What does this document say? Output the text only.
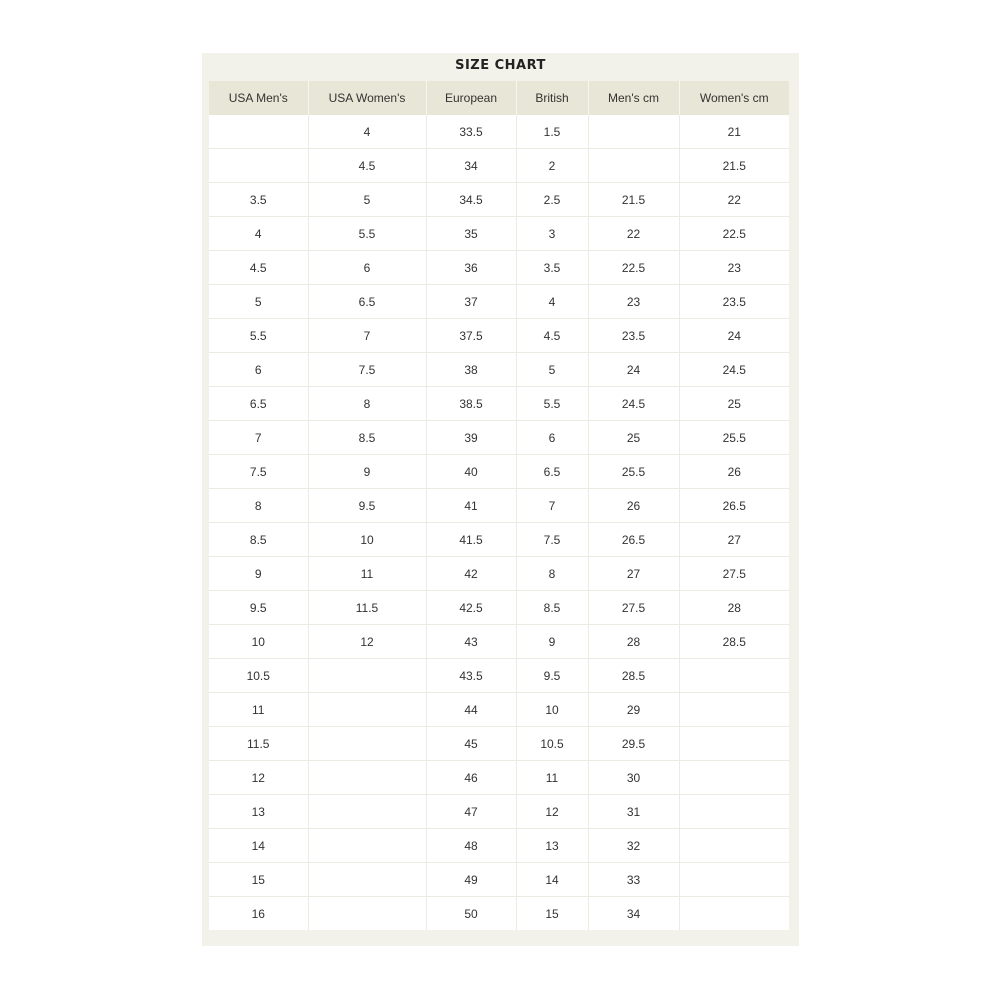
SIZE CHART
USA Men's	USA Women's	European	British	Men's cm	Women's cm
	4	33.5	1.5		21
	4.5	34	2		21.5
3.5	5	34.5	2.5	21.5	22
4	5.5	35	3	22	22.5
4.5	6	36	3.5	22.5	23
5	6.5	37	4	23	23.5
5.5	7	37.5	4.5	23.5	24
6	7.5	38	5	24	24.5
6.5	8	38.5	5.5	24.5	25
7	8.5	39	6	25	25.5
7.5	9	40	6.5	25.5	26
8	9.5	41	7	26	26.5
8.5	10	41.5	7.5	26.5	27
9	11	42	8	27	27.5
9.5	11.5	42.5	8.5	27.5	28
10	12	43	9	28	28.5
10.5		43.5	9.5	28.5	
11		44	10	29	
11.5		45	10.5	29.5	
12		46	11	30	
13		47	12	31	
14		48	13	32	
15		49	14	33	
16		50	15	34	
